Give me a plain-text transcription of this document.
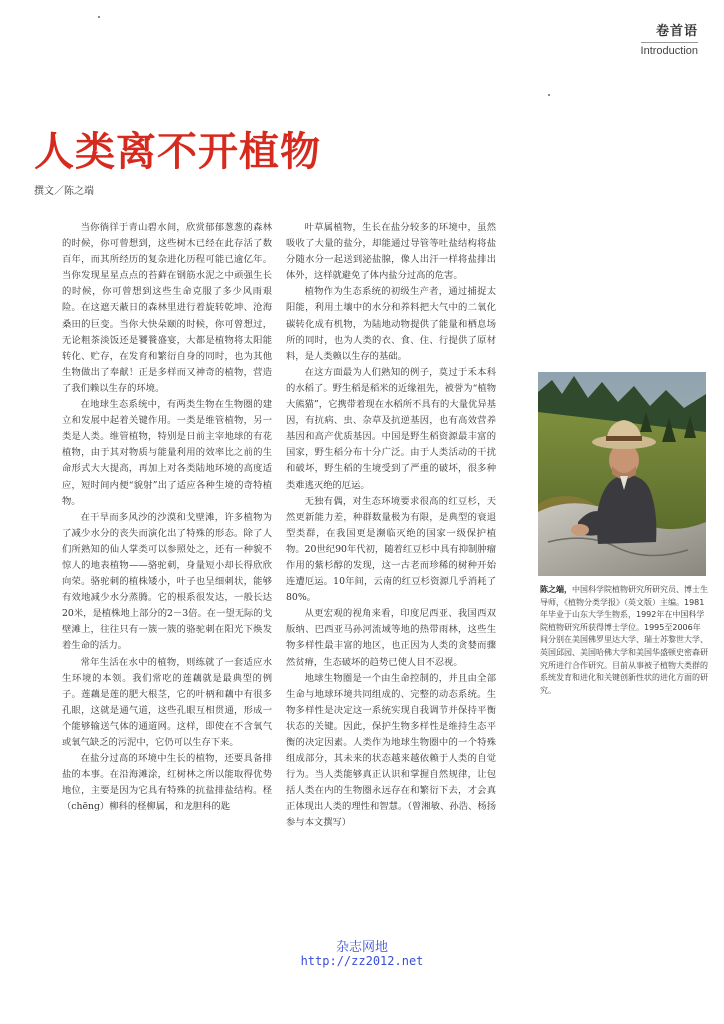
卷首语
Introduction
人类离不开植物
撰文／陈之端

当你徜徉于青山碧水间，欣赏郁郁葱葱的森林的时候，你可曾想到，这些树木已经在此存活了数百年，而其所经历的复杂进化历程可能已逾亿年。当你发现星星点点的苔藓在钢筋水泥之中顽强生长的时候，你可曾想到这些生命克服了多少风雨艰险。在这遮天蔽日的森林里进行着旋转乾坤、沧海桑田的巨变。当你大快朵颐的时候，你可曾想过，无论粗茶淡饭还是饕餮盛宴，大都是植物将太阳能转化、贮存，在发育和繁衍自身的同时，也为其他生物做出了奉献！正是多样而又神奇的植物，营造了我们赖以生存的环境。

在地球生态系统中，有两类生物在生物圈的建立和发展中起着关键作用。一类是维管植物，另一类是人类。维管植物，特别是日前主宰地球的有花植物，由于其对物质与能量利用的效率比之前的生命形式大大提高，再加上对各类陆地环境的高度适应，短时间内便“貌射”出了适应各种生境的奇特植物。

在干旱而多风沙的沙漠和戈壁滩，许多植物为了减少水分的丧失而演化出了特殊的形态。除了人们所熟知的仙人掌类可以参照处之，还有一种貌不惊人的地表植物——骆驼刺，身量短小却长得欣欣向荣。骆驼刺的植株矮小，叶子也呈细刺状，能够有效地减少水分蒸腾。它的根系很发达，一般长达20米，是植株地上部分的2－3倍。在一望无际的戈壁滩上，往往只有一簇一簇的骆驼刺在阳光下焕发着生命的活力。

常年生活在水中的植物，则练就了一套适应水生环境的本领。我们常吃的莲藕就是最典型的例子。莲藕是莲的肥大根茎，它的叶柄和藕中有很多孔眼，这就是通气道，这些孔眼互相贯通，形成一个能够输送气体的通道网。这样，即使在不含氧气或氧气缺乏的污泥中，它仍可以生存下来。

在盐分过高的环境中生长的植物，还要具备排盐的本事。在沿海滩涂，红树林之所以能取得优势地位，主要是因为它具有特殊的抗盐排盐结构。柽（chēng）柳科的柽柳属，和龙胆科的匙

叶草属植物，生长在盐分较多的环境中，虽然吸收了大量的盐分，却能通过导管等吐盐结构将盐分随水分一起送到泌盐腺，像人出汗一样将盐排出体外，这样就避免了体内盐分过高的危害。

植物作为生态系统的初级生产者，通过捕捉太阳能，利用土壤中的水分和养料把大气中的二氧化碳转化成有机物，为陆地动物提供了能量和栖息场所的同时，也为人类的衣、食、住、行提供了原材料，是人类赖以生存的基础。

在这方面最为人们熟知的例子，莫过于禾本科的水稻了。野生稻是稻米的近缘祖先，被誉为“植物大熊猫”，它携带着现在水稻所不具有的大量优异基因，有抗病、虫、杂草及抗逆基因，也有高效营养基因和高产优质基因。中国是野生稻资源最丰富的国家，野生稻分布十分广泛。由于人类活动的干扰和破坏，野生稻的生境受到了严重的破坏，很多种类难逃灭绝的厄运。

无独有偶，对生态环境要求很高的红豆杉，天然更新能力差，种群数量极为有限，是典型的衰退型类群，在我国更是濒临灭绝的国家一级保护植物。20世纪90年代初，随着红豆杉中具有抑制肿瘤作用的紫杉醇的发现，这一古老而珍稀的树种开始连遭厄运。10年间，云南的红豆杉资源几乎消耗了80%。

从更宏观的视角来看，印度尼西亚、我国西双版纳、巴西亚马孙河流域等地的热带雨林，这些生物多样性最丰富的地区，也正因为人类的贪婪而骤然贫瘠，生态破坏的趋势已使人目不忍视。

地球生物圈是一个由生命控制的，并且由全部生命与地球环境共同组成的、完整的动态系统。生物多样性是决定这一系统实现自我调节并保持平衡状态的关键。因此，保护生物多样性是维持生态平衡的决定因素。人类作为地球生物圈中的一个特殊组成部分，其未来的状态越来越依赖于人类的自觉行为。当人类能够真正认识和掌握自然规律，让包括人类在内的生物圈永远存在和繁衍下去，才会真正体现出人类的理性和智慧。（曾湘敏、孙浩、杨扬参与本文撰写）

陈之端，中国科学院植物研究所研究员、博士生导师，《植物分类学报》（英文版）主编。1981年毕业于山东大学生物系，1992年在中国科学院植物研究所获得博士学位。1995至2006年间分别在美国佛罗里达大学、瑞士苏黎世大学、英国邱园、美国哈佛大学和美国华盛顿史密森研究所进行合作研究。目前从事被子植物大类群的系统发育和进化和关键创新性状的进化方面的研究。
杂志网地
http://zz2012.net
